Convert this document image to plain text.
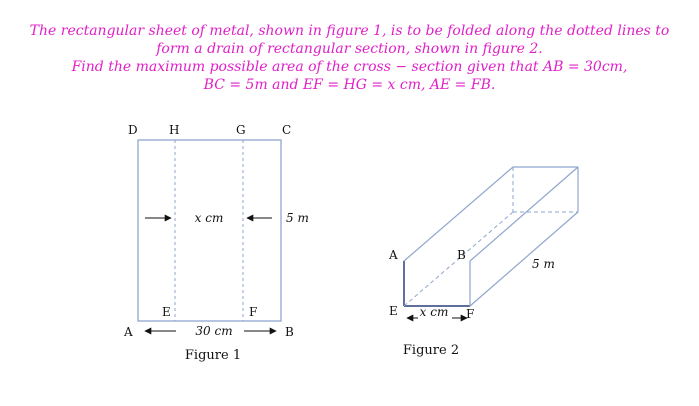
The rectangular sheet of metal, shown in figure 1, is to be folded along the dotted lines to
form a drain of rectangular section, shown in figure 2.
Find the maximum possible area of the cross − section given that AB = 30cm,
BC = 5m and EF = HG = x cm, AE = FB.
D	H	G	C
E	F
A	B
x cm	5 m
30 cm
Figure 1
A	B
E	F
5 m
x cm
Figure 2
